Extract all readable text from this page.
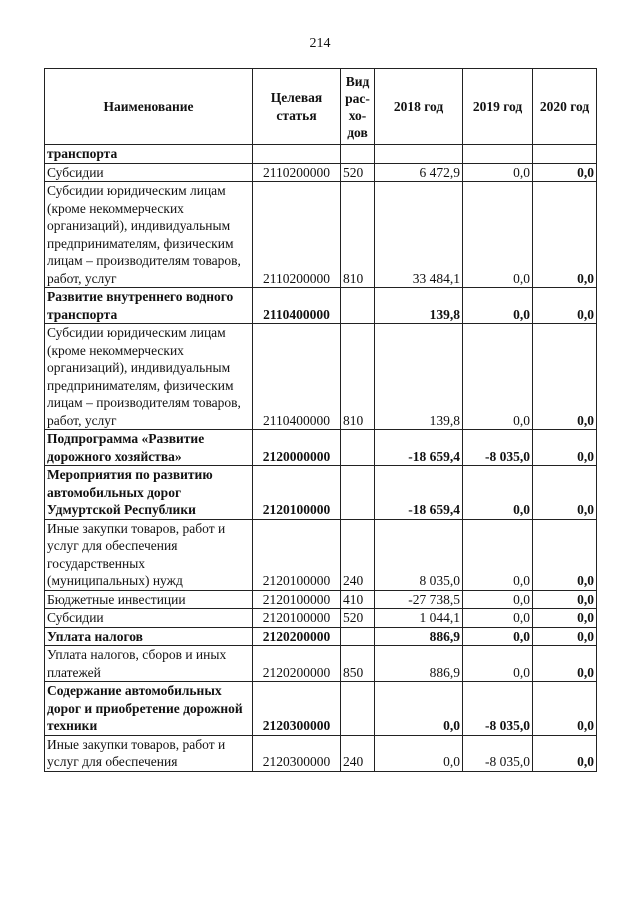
214
Наименование	Целевая статья	Вид рас-хо-дов	2018 год	2019 год	2020 год
транспорта					
Субсидии	2110200000	520	6 472,9	0,0	0,0
Субсидии юридическим лицам (кроме некоммерческих организаций), индивидуальным предпринимателям, физическим лицам – производителям товаров, работ, услуг	2110200000	810	33 484,1	0,0	0,0
Развитие внутреннего водного транспорта	2110400000		139,8	0,0	0,0
Субсидии юридическим лицам (кроме некоммерческих организаций), индивидуальным предпринимателям, физическим лицам – производителям товаров, работ, услуг	2110400000	810	139,8	0,0	0,0
Подпрограмма «Развитие дорожного хозяйства»	2120000000		-18 659,4	-8 035,0	0,0
Мероприятия по развитию автомобильных дорог Удмуртской Республики	2120100000		-18 659,4	0,0	0,0
Иные закупки товаров, работ и услуг для обеспечения государственных (муниципальных) нужд	2120100000	240	8 035,0	0,0	0,0
Бюджетные инвестиции	2120100000	410	-27 738,5	0,0	0,0
Субсидии	2120100000	520	1 044,1	0,0	0,0
Уплата налогов	2120200000		886,9	0,0	0,0
Уплата налогов, сборов и иных платежей	2120200000	850	886,9	0,0	0,0
Содержание автомобильных дорог и приобретение дорожной техники	2120300000		0,0	-8 035,0	0,0
Иные закупки товаров, работ и услуг для обеспечения	2120300000	240	0,0	-8 035,0	0,0
